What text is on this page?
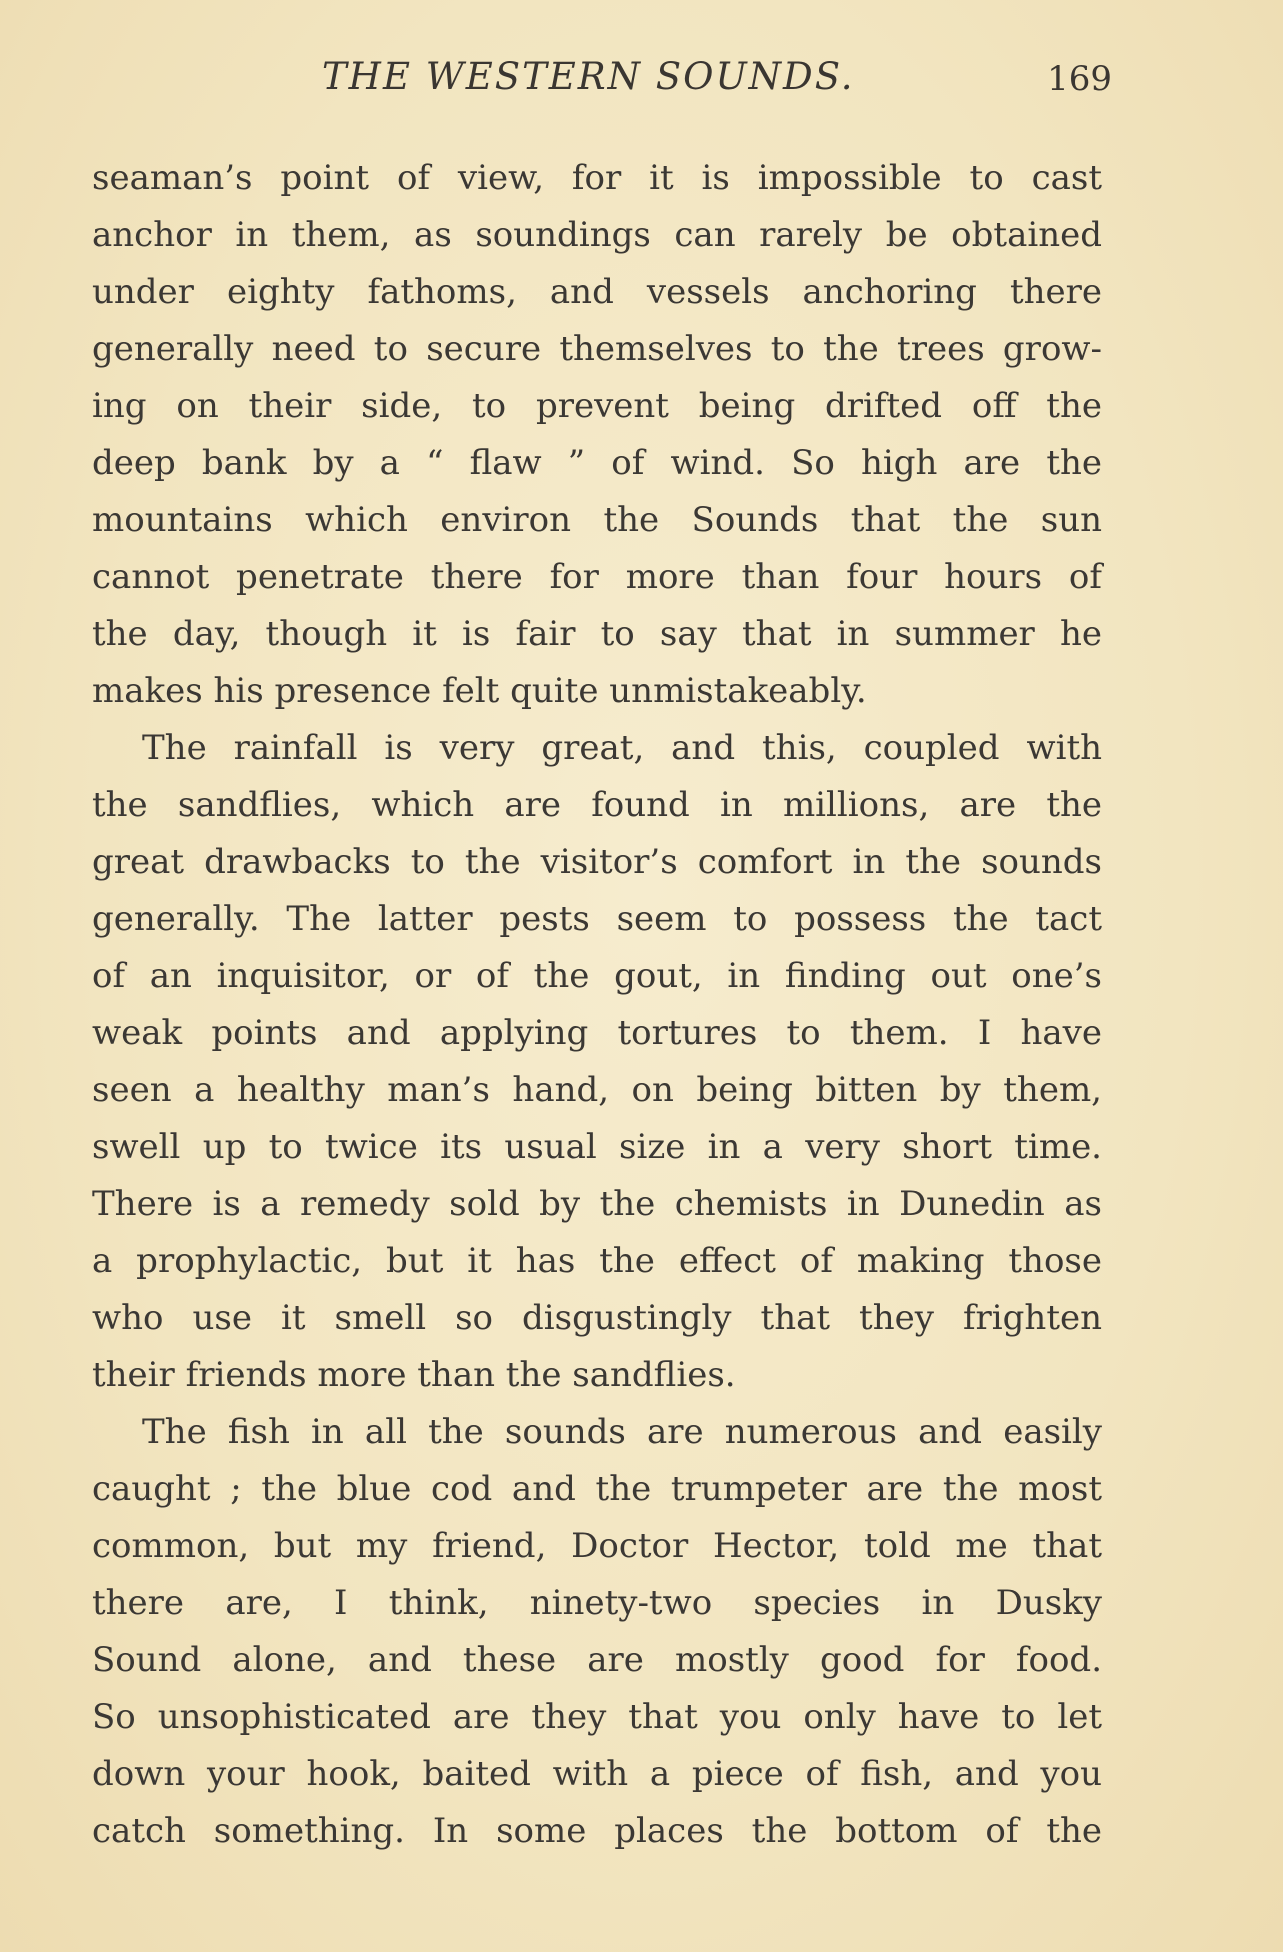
THE WESTERN SOUNDS.	169
seaman’s point of view, for it is impossible to cast
anchor in them, as soundings can rarely be obtained
under eighty fathoms, and vessels anchoring there
generally need to secure themselves to the trees grow-
ing on their side, to prevent being drifted off the
deep bank by a “ flaw ” of wind. So high are the
mountains which environ the Sounds that the sun
cannot penetrate there for more than four hours of
the day, though it is fair to say that in summer he
makes his presence felt quite unmistakeably.
The rainfall is very great, and this, coupled with
the sandflies, which are found in millions, are the
great drawbacks to the visitor’s comfort in the sounds
generally. The latter pests seem to possess the tact
of an inquisitor, or of the gout, in finding out one’s
weak points and applying tortures to them. I have
seen a healthy man’s hand, on being bitten by them,
swell up to twice its usual size in a very short time.
There is a remedy sold by the chemists in Dunedin as
a prophylactic, but it has the effect of making those
who use it smell so disgustingly that they frighten
their friends more than the sandflies.
The fish in all the sounds are numerous and easily
caught ; the blue cod and the trumpeter are the most
common, but my friend, Doctor Hector, told me that
there are, I think, ninety-two species in Dusky
Sound alone, and these are mostly good for food.
So unsophisticated are they that you only have to let
down your hook, baited with a piece of fish, and you
catch something. In some places the bottom of the
